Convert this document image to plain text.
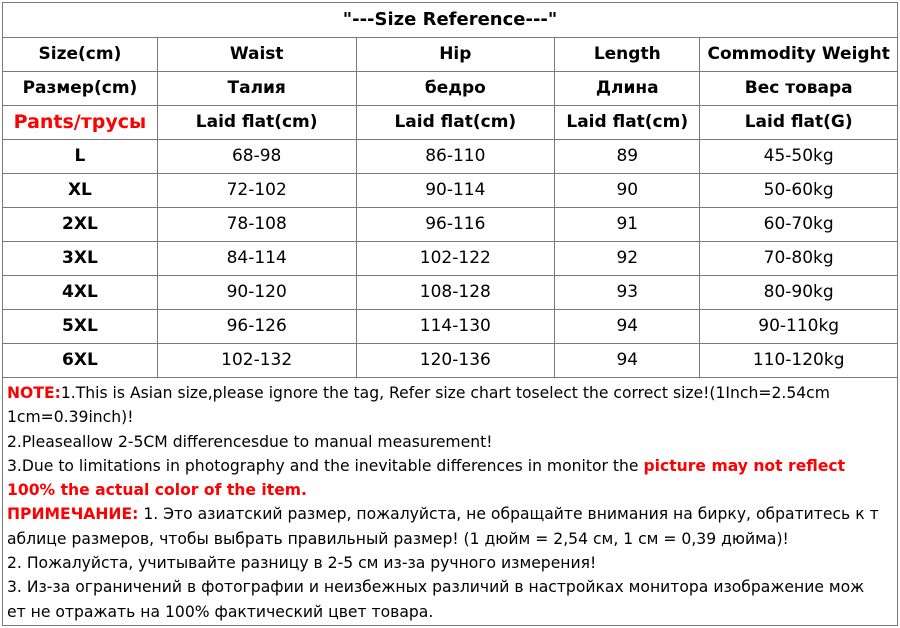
"---Size Reference---"				
Size(cm)	Waist	Hip	Length	Commodity Weight
Размер(cm)	Талия	бедро	Длина	Вес товара
Pants/трусы	Laid flat(cm)	Laid flat(cm)	Laid flat(cm)	Laid flat(G)
L	68-98	86-110	89	45-50kg
XL	72-102	90-114	90	50-60kg
2XL	78-108	96-116	91	60-70kg
3XL	84-114	102-122	92	70-80kg
4XL	90-120	108-128	93	80-90kg
5XL	96-126	114-130	94	90-110kg
6XL	102-132	120-136	94	110-120kg

NOTE:1.This is Asian size,please ignore the tag, Refer size chart toselect the correct size!(1Inch=2.54cm

1cm=0.39inch)!

2.Pleaseallow 2-5CM differencesdue to manual measurement!

3.Due to limitations in photography and the inevitable differences in monitor the picture may not reflect

100% the actual color of the item.

ПРИМЕЧАНИЕ: 1. Это азиатский размер, пожалуйста, не обращайте внимания на бирку, обратитесь к т

аблице размеров, чтобы выбрать правильный размер! (1 дюйм = 2,54 см, 1 см = 0,39 дюйма)!

2. Пожалуйста, учитывайте разницу в 2-5 см из-за ручного измерения!

3. Из-за ограничений в фотографии и неизбежных различий в настройках монитора изображение мож

ет не отражать на 100% фактический цвет товара.
